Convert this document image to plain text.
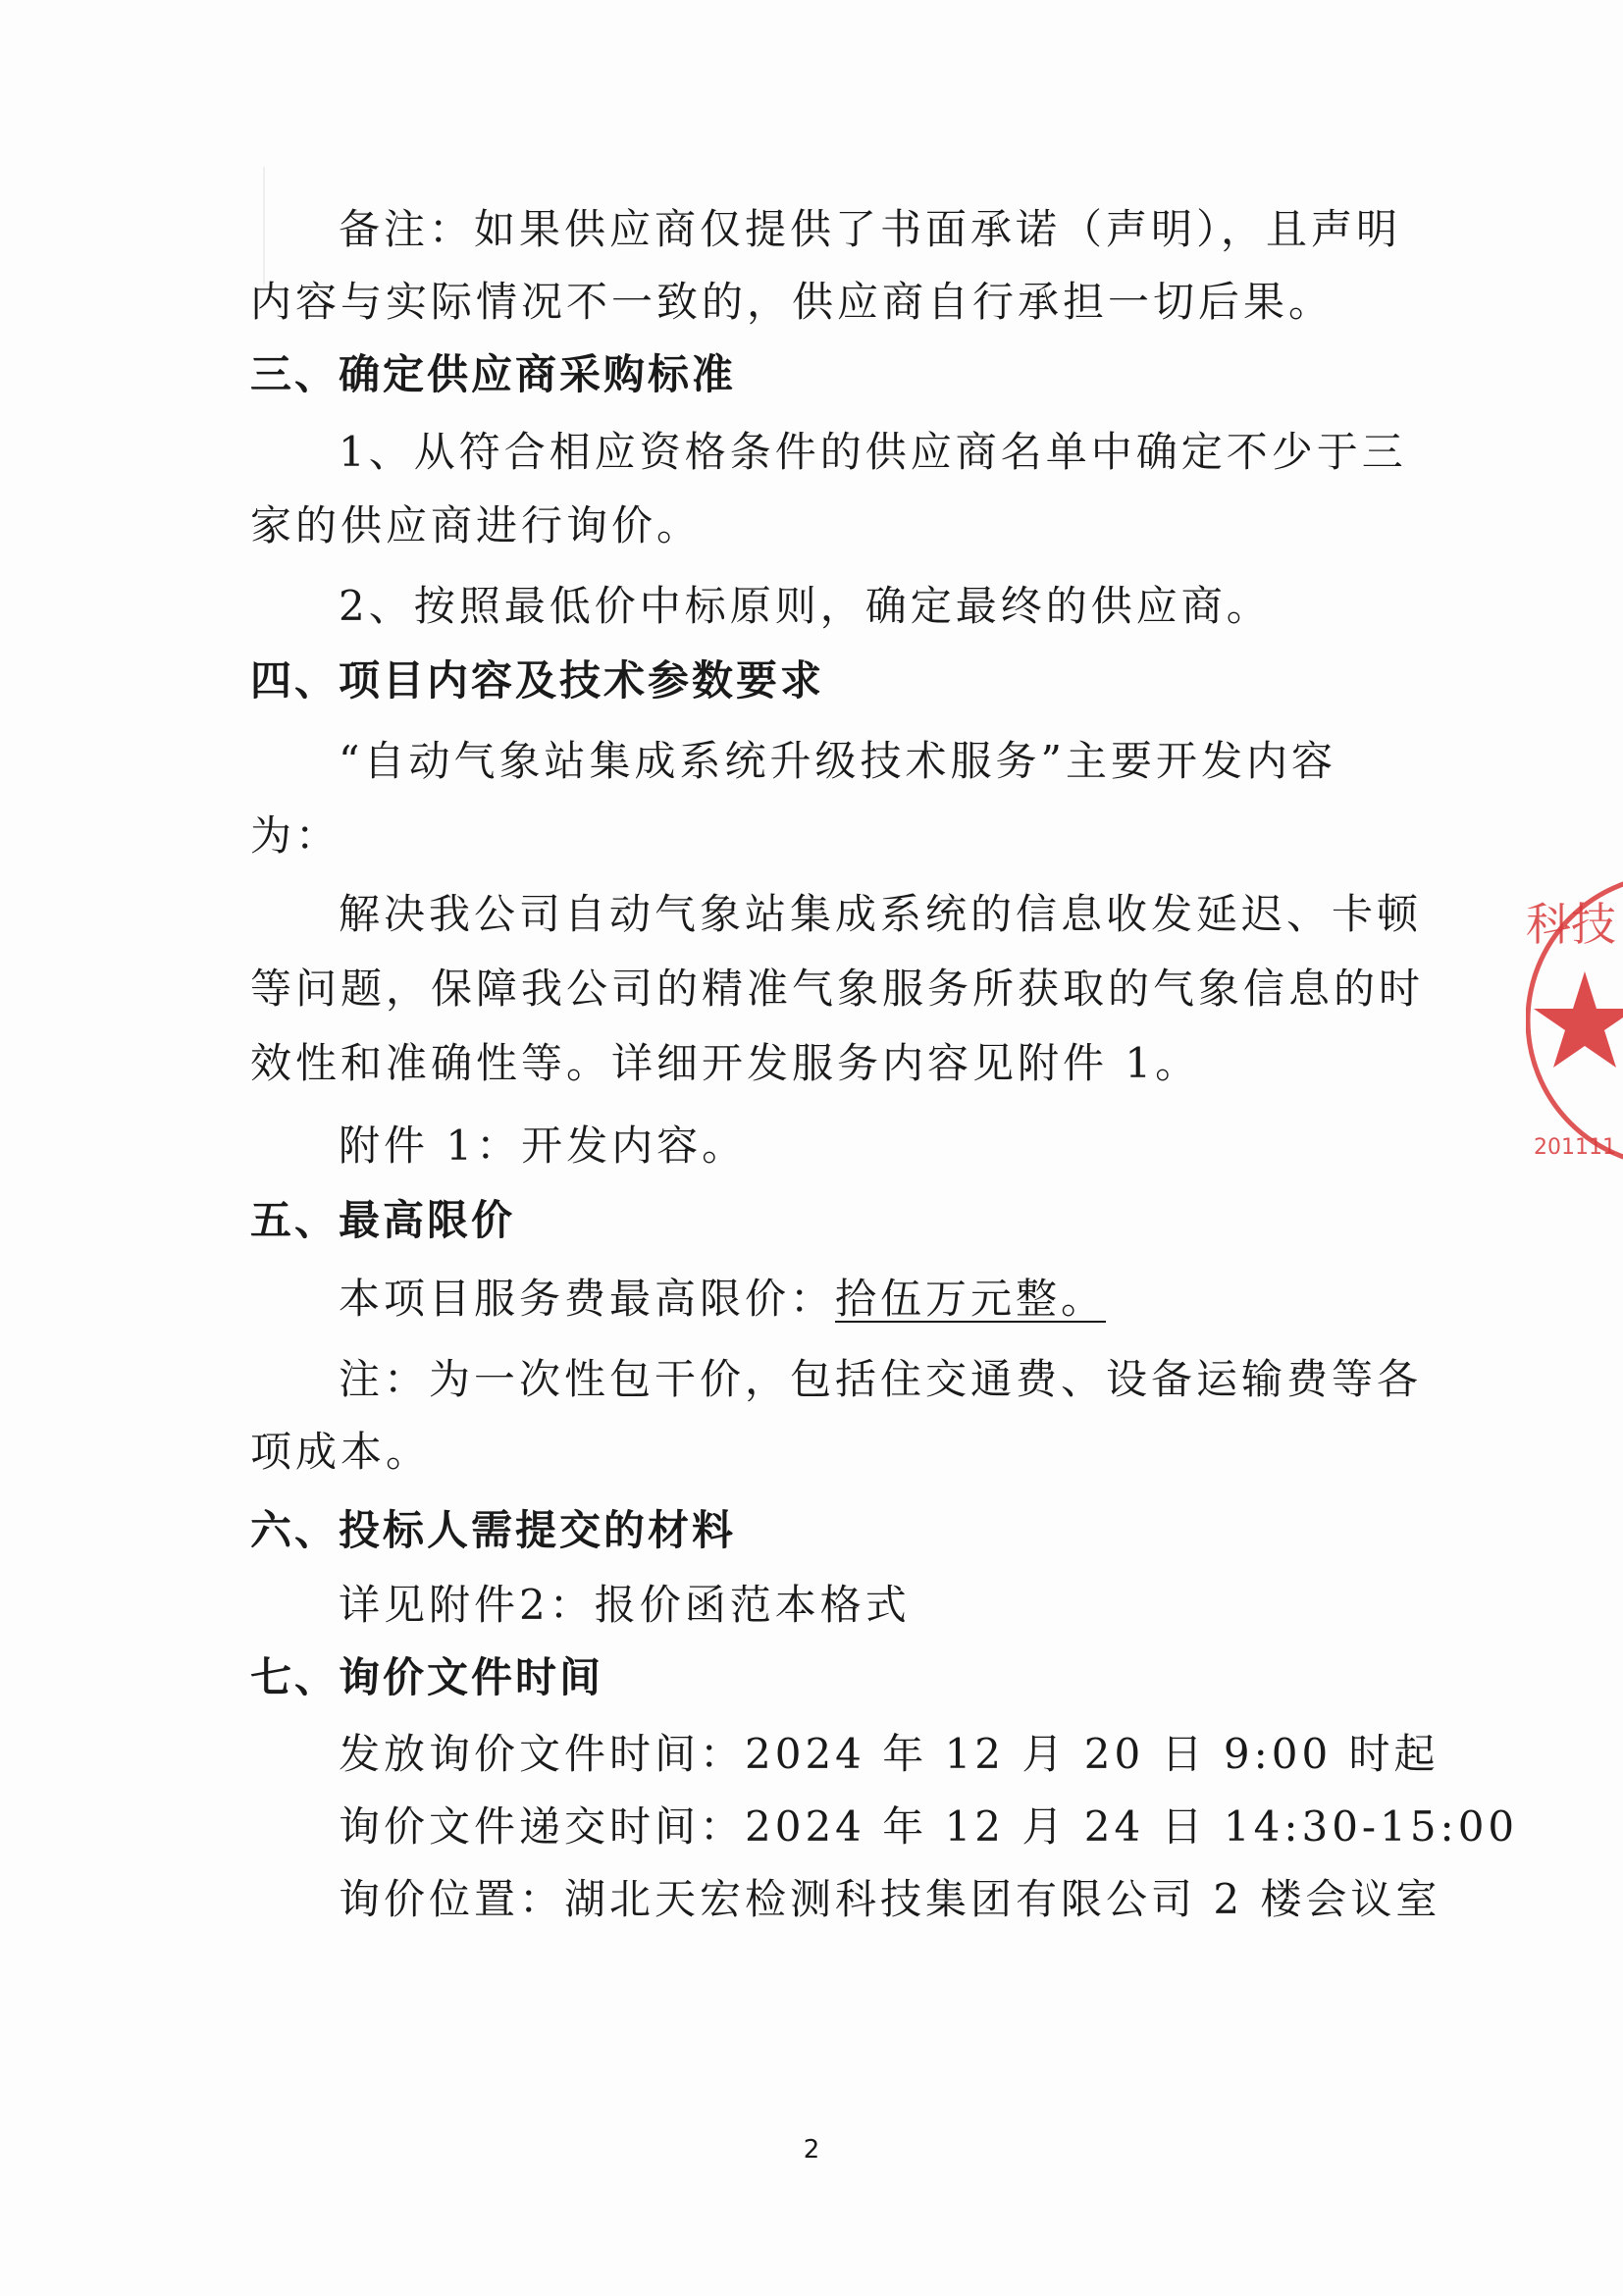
备注：如果供应商仅提供了书面承诺（声明），且声明
内容与实际情况不一致的，供应商自行承担一切后果。
三、确定供应商采购标准
1、从符合相应资格条件的供应商名单中确定不少于三
家的供应商进行询价。
2、按照最低价中标原则，确定最终的供应商。
四、项目内容及技术参数要求
“自动气象站集成系统升级技术服务”主要开发内容
为：
解决我公司自动气象站集成系统的信息收发延迟、卡顿
等问题，保障我公司的精准气象服务所获取的气象信息的时
效性和准确性等。详细开发服务内容见附件 1。
附件 1：开发内容。
五、最高限价
本项目服务费最高限价：拾伍万元整。
注：为一次性包干价，包括住交通费、设备运输费等各
项成本。
六、投标人需提交的材料
详见附件2：报价函范本格式
七、询价文件时间
发放询价文件时间：2024 年 12 月 20 日 9:00 时起
询价文件递交时间：2024 年 12 月 24 日 14:30-15:00
询价位置：湖北天宏检测科技集团有限公司 2 楼会议室
2
科技
201111
